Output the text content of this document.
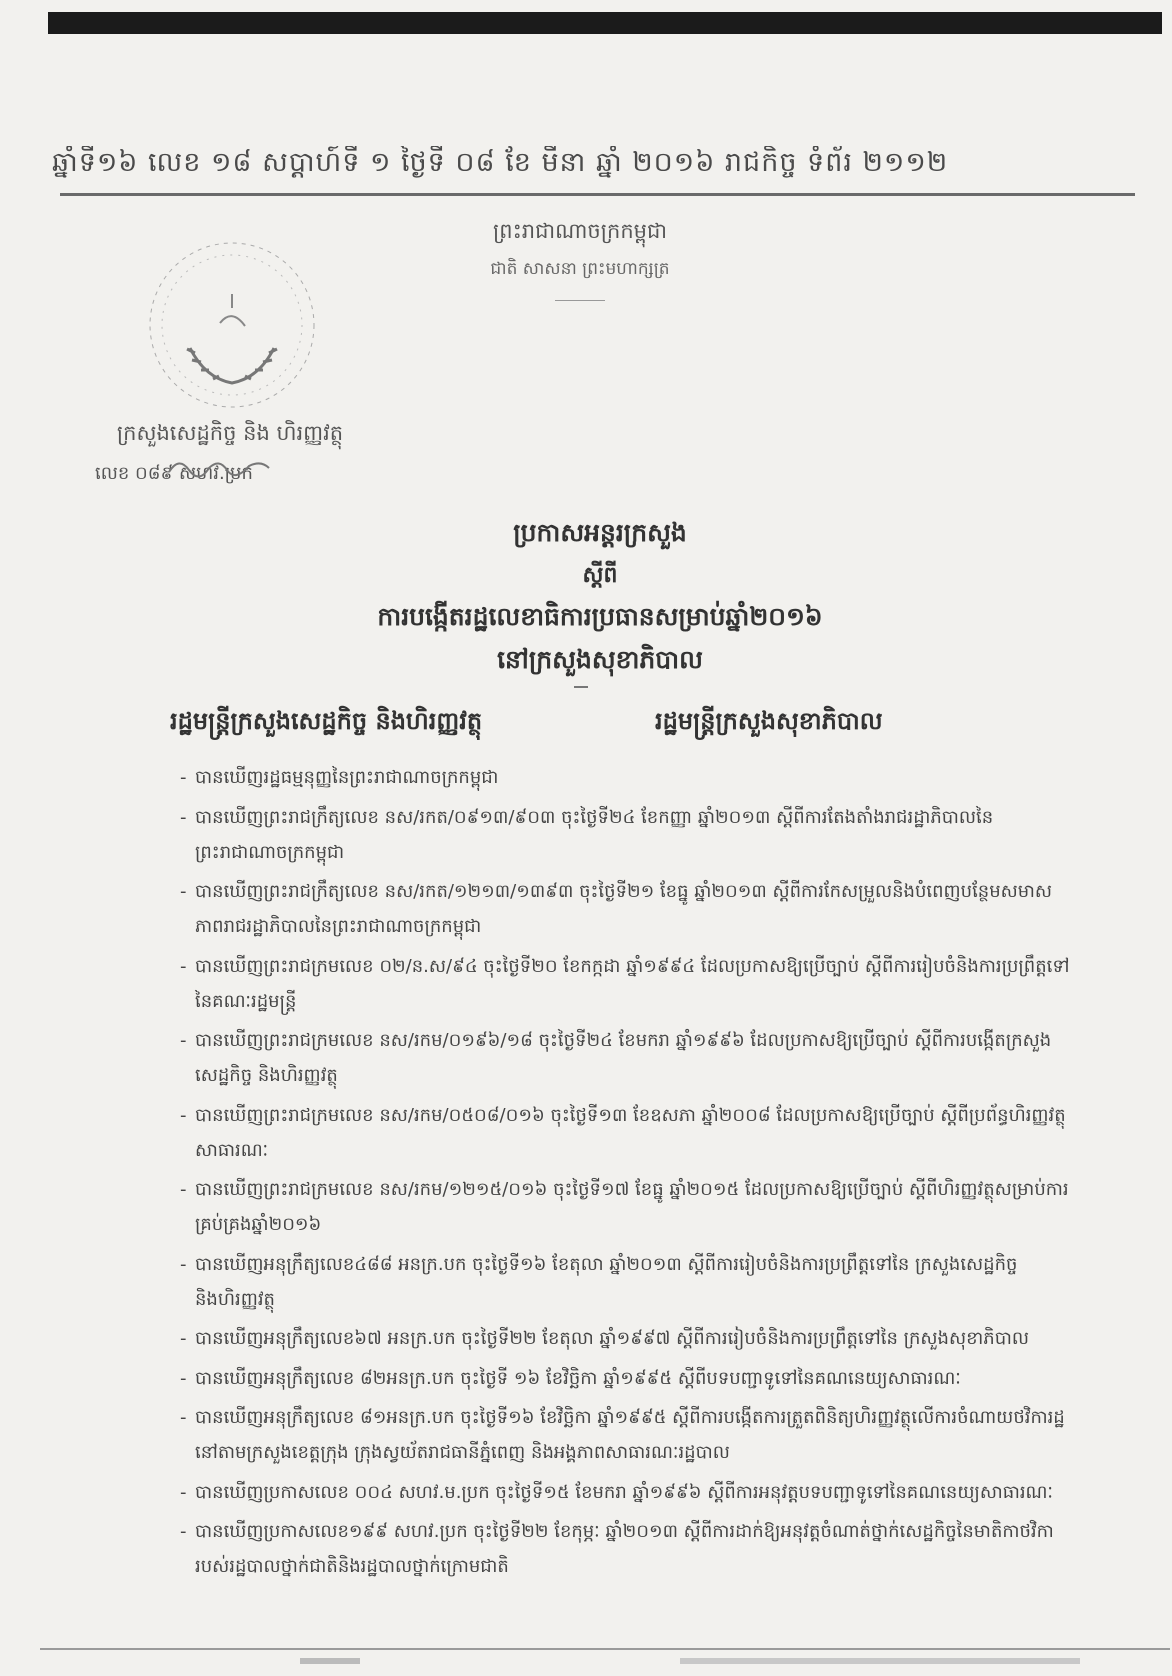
ឆ្នាំទី១៦ លេខ ១៨ សប្ដាហ៍ទី ១ ថ្ងៃទី ០៨ ខែ មីនា ឆ្នាំ ២០១៦ រាជកិច្ច ទំព័រ ២១១២
ព្រះរាជាណាចក្រកម្ពុជា
ជាតិ សាសនា ព្រះមហាក្សត្រ
ក្រសួងសេដ្ឋកិច្ច និង ហិរញ្ញវត្ថុ
លេខ ០៨៩ សហវ.ប្រក
ប្រកាសអន្តរក្រសួង
ស្ដីពី
ការបង្កើតរដ្ឋលេខាធិការប្រធានសម្រាប់ឆ្នាំ២០១៦
នៅក្រសួងសុខាភិបាល
រដ្ឋមន្ត្រីក្រសួងសេដ្ឋកិច្ច និងហិរញ្ញវត្ថុ	រដ្ឋមន្ត្រីក្រសួងសុខាភិបាល
- បានឃើញរដ្ឋធម្មនុញ្ញនៃព្រះរាជាណាចក្រកម្ពុជា
- បានឃើញព្រះរាជក្រឹត្យលេខ នស/រកត/០៩១៣/៩០៣ ចុះថ្ងៃទី២៤ ខែកញ្ញា ឆ្នាំ២០១៣ ស្ដីពីការតែងតាំងរាជរដ្ឋាភិបាលនៃព្រះរាជាណាចក្រកម្ពុជា
- បានឃើញព្រះរាជក្រឹត្យលេខ នស/រកត/១២១៣/១៣៩៣ ចុះថ្ងៃទី២១ ខែធ្នូ ឆ្នាំ២០១៣ ស្ដីពីការកែសម្រួលនិងបំពេញបន្ថែមសមាសភាពរាជរដ្ឋាភិបាលនៃព្រះរាជាណាចក្រកម្ពុជា
- បានឃើញព្រះរាជក្រមលេខ ០២/ន.ស/៩៤ ចុះថ្ងៃទី២០ ខែកក្កដា ឆ្នាំ១៩៩៤ ដែលប្រកាសឱ្យប្រើច្បាប់ ស្ដីពីការរៀបចំនិងការប្រព្រឹត្តទៅនៃគណៈរដ្ឋមន្ត្រី
- បានឃើញព្រះរាជក្រមលេខ នស/រកម/០១៩៦/១៨ ចុះថ្ងៃទី២៤ ខែមករា ឆ្នាំ១៩៩៦ ដែលប្រកាសឱ្យប្រើច្បាប់ ស្ដីពីការបង្កើតក្រសួងសេដ្ឋកិច្ច និងហិរញ្ញវត្ថុ
- បានឃើញព្រះរាជក្រមលេខ នស/រកម/០៥០៨/០១៦ ចុះថ្ងៃទី១៣ ខែឧសភា ឆ្នាំ២០០៨ ដែលប្រកាសឱ្យប្រើច្បាប់ ស្ដីពីប្រព័ន្ធហិរញ្ញវត្ថុសាធារណៈ
- បានឃើញព្រះរាជក្រមលេខ នស/រកម/១២១៥/០១៦ ចុះថ្ងៃទី១៧ ខែធ្នូ ឆ្នាំ២០១៥ ដែលប្រកាសឱ្យប្រើច្បាប់ ស្ដីពីហិរញ្ញវត្ថុសម្រាប់ការគ្រប់គ្រងឆ្នាំ២០១៦
- បានឃើញអនុក្រឹត្យលេខ៤៨៨ អនក្រ.បក ចុះថ្ងៃទី១៦ ខែតុលា ឆ្នាំ២០១៣ ស្ដីពីការរៀបចំនិងការប្រព្រឹត្តទៅនៃ ក្រសួងសេដ្ឋកិច្ចនិងហិរញ្ញវត្ថុ
- បានឃើញអនុក្រឹត្យលេខ៦៧ អនក្រ.បក ចុះថ្ងៃទី២២ ខែតុលា ឆ្នាំ១៩៩៧ ស្ដីពីការរៀបចំនិងការប្រព្រឹត្តទៅនៃ ក្រសួងសុខាភិបាល
- បានឃើញអនុក្រឹត្យលេខ ៨២អនក្រ.បក ចុះថ្ងៃទី ១៦ ខែវិច្ឆិកា ឆ្នាំ១៩៩៥ ស្ដីពីបទបញ្ជាទូទៅនៃគណនេយ្យសាធារណៈ
- បានឃើញអនុក្រឹត្យលេខ ៨១អនក្រ.បក ចុះថ្ងៃទី១៦ ខែវិច្ឆិកា ឆ្នាំ១៩៩៥ ស្ដីពីការបង្កើតការត្រួតពិនិត្យហិរញ្ញវត្ថុលើការចំណាយថវិការដ្ឋនៅតាមក្រសួងខេត្តក្រុង ក្រុងស្វយ័តរាជធានីភ្នំពេញ និងអង្គភាពសាធារណៈរដ្ឋបាល
- បានឃើញប្រកាសលេខ ០០៤ សហវ.ម.ប្រក ចុះថ្ងៃទី១៥ ខែមករា ឆ្នាំ១៩៩៦ ស្ដីពីការអនុវត្តបទបញ្ជាទូទៅនៃគណនេយ្យសាធារណៈ
- បានឃើញប្រកាសលេខ១៩៩ សហវ.ប្រក ចុះថ្ងៃទី២២ ខែកុម្ភៈ ឆ្នាំ២០១៣ ស្ដីពីការដាក់ឱ្យអនុវត្តចំណាត់ថ្នាក់សេដ្ឋកិច្ចនៃមាតិកាថវិការបស់រដ្ឋបាលថ្នាក់ជាតិនិងរដ្ឋបាលថ្នាក់ក្រោមជាតិ
